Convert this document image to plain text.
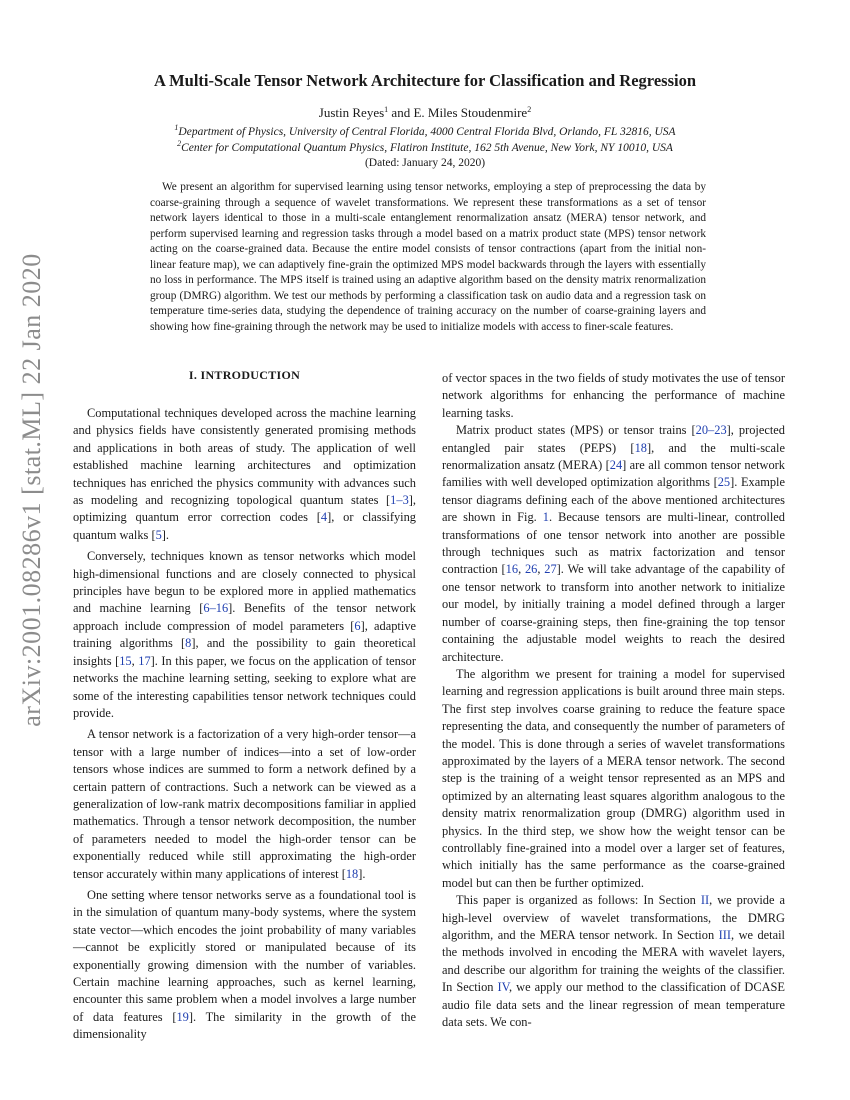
arXiv:2001.08286v1 [stat.ML] 22 Jan 2020
A Multi-Scale Tensor Network Architecture for Classification and Regression
Justin Reyes$^1$ and E. Miles Stoudenmire$^2$
$^1$Department of Physics, University of Central Florida, 4000 Central Florida Blvd, Orlando, FL 32816, USA
$^2$Center for Computational Quantum Physics, Flatiron Institute, 162 5th Avenue, New York, NY 10010, USA
(Dated: January 24, 2020)

We present an algorithm for supervised learning using tensor networks, employing a step of preprocessing the data by coarse-graining through a sequence of wavelet transformations. We represent these transformations as a set of tensor network layers identical to those in a multi-scale entanglement renormalization ansatz (MERA) tensor network, and perform supervised learning and regression tasks through a model based on a matrix product state (MPS) tensor network acting on the coarse-grained data. Because the entire model consists of tensor contractions (apart from the initial non-linear feature map), we can adaptively fine-grain the optimized MPS model backwards through the layers with essentially no loss in performance. The MPS itself is trained using an adaptive algorithm based on the density matrix renormalization group (DMRG) algorithm. We test our methods by performing a classification task on audio data and a regression task on temperature time-series data, studying the dependence of training accuracy on the number of coarse-graining layers and showing how fine-graining through the network may be used to initialize models with access to finer-scale features.

I. INTRODUCTION

Computational techniques developed across the machine learning and physics fields have consistently generated promising methods and applications in both areas of study. The application of well established machine learning architectures and optimization techniques has enriched the physics community with advances such as modeling and recognizing topological quantum states [1–3], optimizing quantum error correction codes [4], or classifying quantum walks [5].

Conversely, techniques known as tensor networks which model high-dimensional functions and are closely connected to physical principles have begun to be explored more in applied mathematics and machine learning [6–16]. Benefits of the tensor network approach include compression of model parameters [6], adaptive training algorithms [8], and the possibility to gain theoretical insights [15, 17]. In this paper, we focus on the application of tensor networks the machine learning setting, seeking to explore what are some of the interesting capabilities tensor network techniques could provide.

A tensor network is a factorization of a very high-order tensor—a tensor with a large number of indices—into a set of low-order tensors whose indices are summed to form a network defined by a certain pattern of contractions. Such a network can be viewed as a generalization of low-rank matrix decompositions familiar in applied mathematics. Through a tensor network decomposition, the number of parameters needed to model the high-order tensor can be exponentially reduced while still approximating the high-order tensor accurately within many applications of interest [18].

One setting where tensor networks serve as a foundational tool is in the simulation of quantum many-body systems, where the system state vector—which encodes the joint probability of many variables—cannot be explicitly stored or manipulated because of its exponentially growing dimension with the number of variables. Certain machine learning approaches, such as kernel learning, encounter this same problem when a model involves a large number of data features [19]. The similarity in the growth of the dimensionality

of vector spaces in the two fields of study motivates the use of tensor network algorithms for enhancing the performance of machine learning tasks.

Matrix product states (MPS) or tensor trains [20–23], projected entangled pair states (PEPS) [18], and the multi-scale renormalization ansatz (MERA) [24] are all common tensor network families with well developed optimization algorithms [25]. Example tensor diagrams defining each of the above mentioned architectures are shown in Fig. 1. Because tensors are multi-linear, controlled transformations of one tensor network into another are possible through techniques such as matrix factorization and tensor contraction [16, 26, 27]. We will take advantage of the capability of one tensor network to transform into another network to initialize our model, by initially training a model defined through a larger number of coarse-graining steps, then fine-graining the top tensor containing the adjustable model weights to reach the desired architecture.

The algorithm we present for training a model for supervised learning and regression applications is built around three main steps. The first step involves coarse graining to reduce the feature space representing the data, and consequently the number of parameters of the model. This is done through a series of wavelet transformations approximated by the layers of a MERA tensor network. The second step is the training of a weight tensor represented as an MPS and optimized by an alternating least squares algorithm analogous to the density matrix renormalization group (DMRG) algorithm used in physics. In the third step, we show how the weight tensor can be controllably fine-grained into a model over a larger set of features, which initially has the same performance as the coarse-grained model but can then be further optimized.

This paper is organized as follows: In Section II, we provide a high-level overview of wavelet transformations, the DMRG algorithm, and the MERA tensor network. In Section III, we detail the methods involved in encoding the MERA with wavelet layers, and describe our algorithm for training the weights of the classifier. In Section IV, we apply our method to the classification of DCASE audio file data sets and the linear regression of mean temperature data sets. We con-
